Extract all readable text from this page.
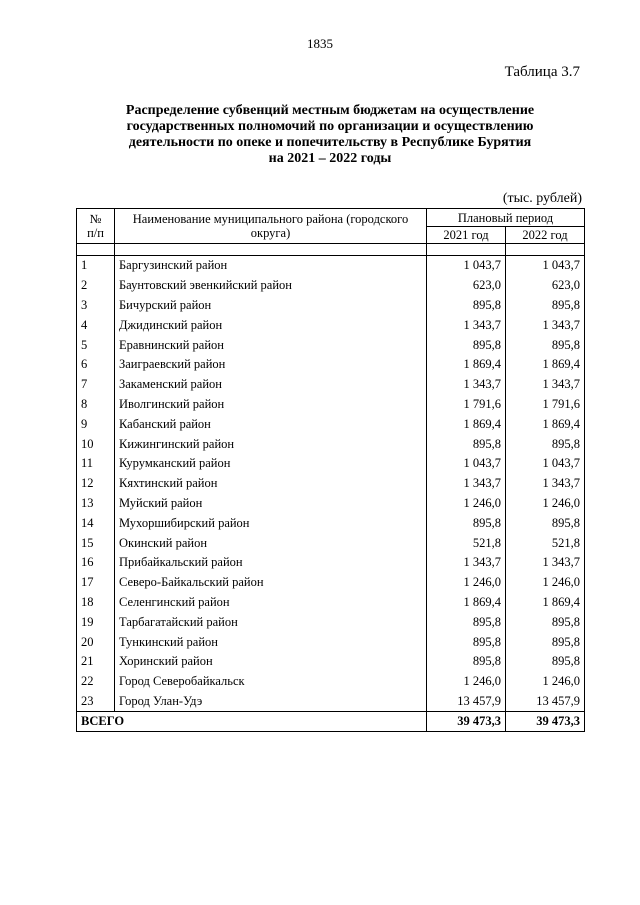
1835
Таблица 3.7
Распределение субвенций местным бюджетам на осуществление
государственных полномочий по организации и осуществлению
деятельности по опеке и попечительству в Республике Бурятия
на 2021 – 2022 годы
(тыс. рублей)
№
п/п	Наименование муниципального района (городского округа)	Плановый период	
		2021 год	2022 год

1	Баргузинский район	1 043,7	1 043,7
2	Баунтовский эвенкийский район	623,0	623,0
3	Бичурский район	895,8	895,8
4	Джидинский район	1 343,7	1 343,7
5	Еравнинский район	895,8	895,8
6	Заиграевский район	1 869,4	1 869,4
7	Закаменский район	1 343,7	1 343,7
8	Иволгинский район	1 791,6	1 791,6
9	Кабанский район	1 869,4	1 869,4
10	Кижингинский район	895,8	895,8
11	Курумканский район	1 043,7	1 043,7
12	Кяхтинский район	1 343,7	1 343,7
13	Муйский район	1 246,0	1 246,0
14	Мухоршибирский район	895,8	895,8
15	Окинский район	521,8	521,8
16	Прибайкальский район	1 343,7	1 343,7
17	Северо-Байкальский район	1 246,0	1 246,0
18	Селенгинский район	1 869,4	1 869,4
19	Тарбагатайский район	895,8	895,8
20	Тункинский район	895,8	895,8
21	Хоринский район	895,8	895,8
22	Город Северобайкальск	1 246,0	1 246,0
23	Город Улан-Удэ	13 457,9	13 457,9
ВСЕГО		39 473,3	39 473,3
